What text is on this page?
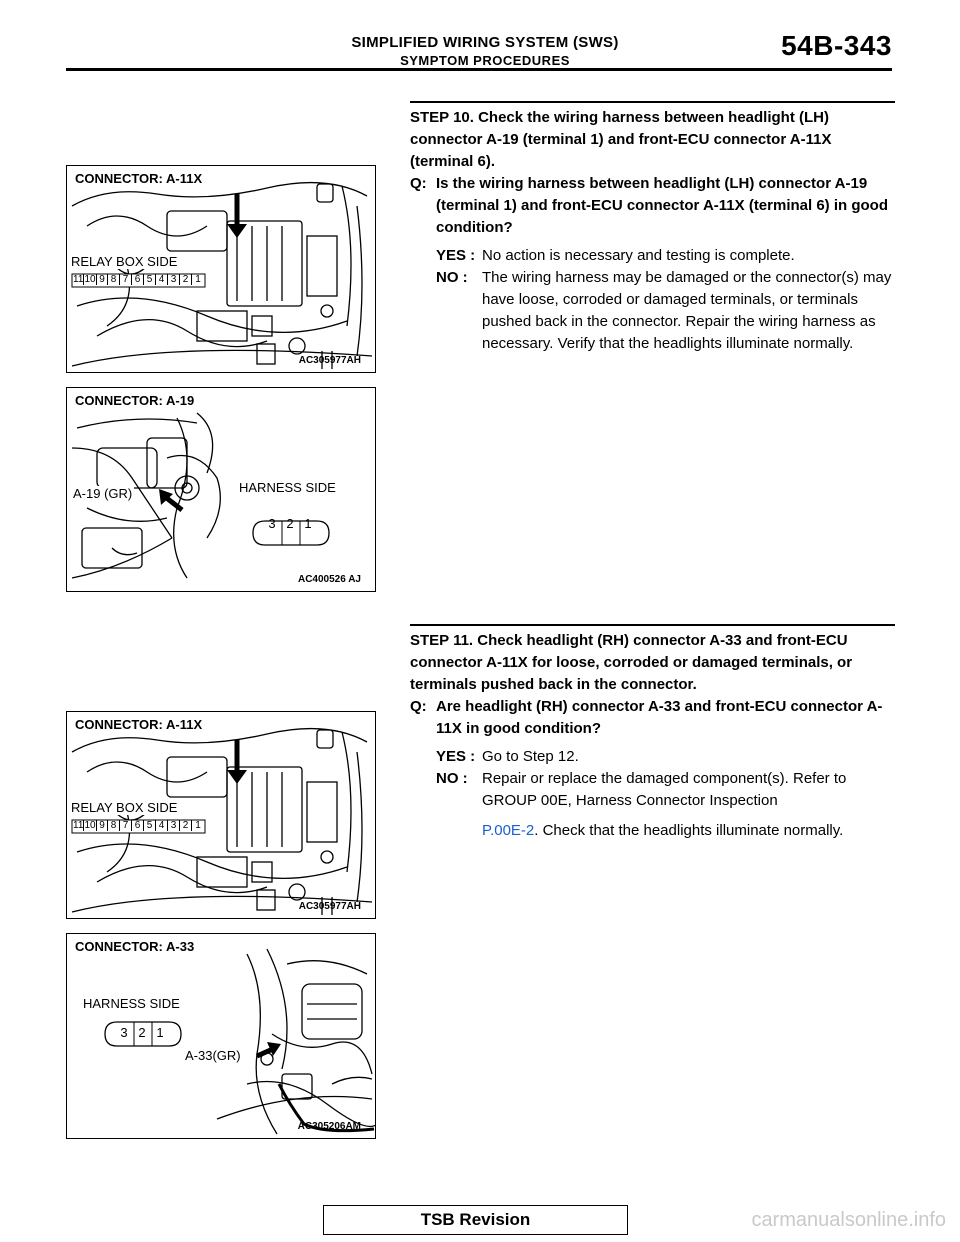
SIMPLIFIED WIRING SYSTEM (SWS)
SYMPTOM PROCEDURES	54B-343
CONNECTOR: A-11X
RELAY BOX SIDE
11 10 9 8 7 6 5 4 3 2 1
AC305977AH
CONNECTOR: A-19
A-19 (GR)	HARNESS SIDE
3 2 1
AC400526 AJ
CONNECTOR: A-11X
RELAY BOX SIDE
11 10 9 8 7 6 5 4 3 2 1
AC305977AH
CONNECTOR: A-33
HARNESS SIDE
3 2 1
A-33(GR)
AC305206AM
STEP 10. Check the wiring harness between headlight (LH) connector A-19 (terminal 1) and front-ECU connector A-11X (terminal 6).
Q: Is the wiring harness between headlight (LH) connector A-19 (terminal 1) and front-ECU connector A-11X (terminal 6) in good condition?
YES : No action is necessary and testing is complete.
NO : The wiring harness may be damaged or the connector(s) may have loose, corroded or damaged terminals, or terminals pushed back in the connector. Repair the wiring harness as necessary. Verify that the headlights illuminate normally.
STEP 11. Check headlight (RH) connector A-33 and front-ECU connector A-11X for loose, corroded or damaged terminals, or terminals pushed back in the connector.
Q: Are headlight (RH) connector A-33 and front-ECU connector A-11X in good condition?
YES : Go to Step 12.
NO : Repair or replace the damaged component(s). Refer to GROUP 00E, Harness Connector Inspection
P.00E-2. Check that the headlights illuminate normally.
TSB Revision	carmanualsonline.info
